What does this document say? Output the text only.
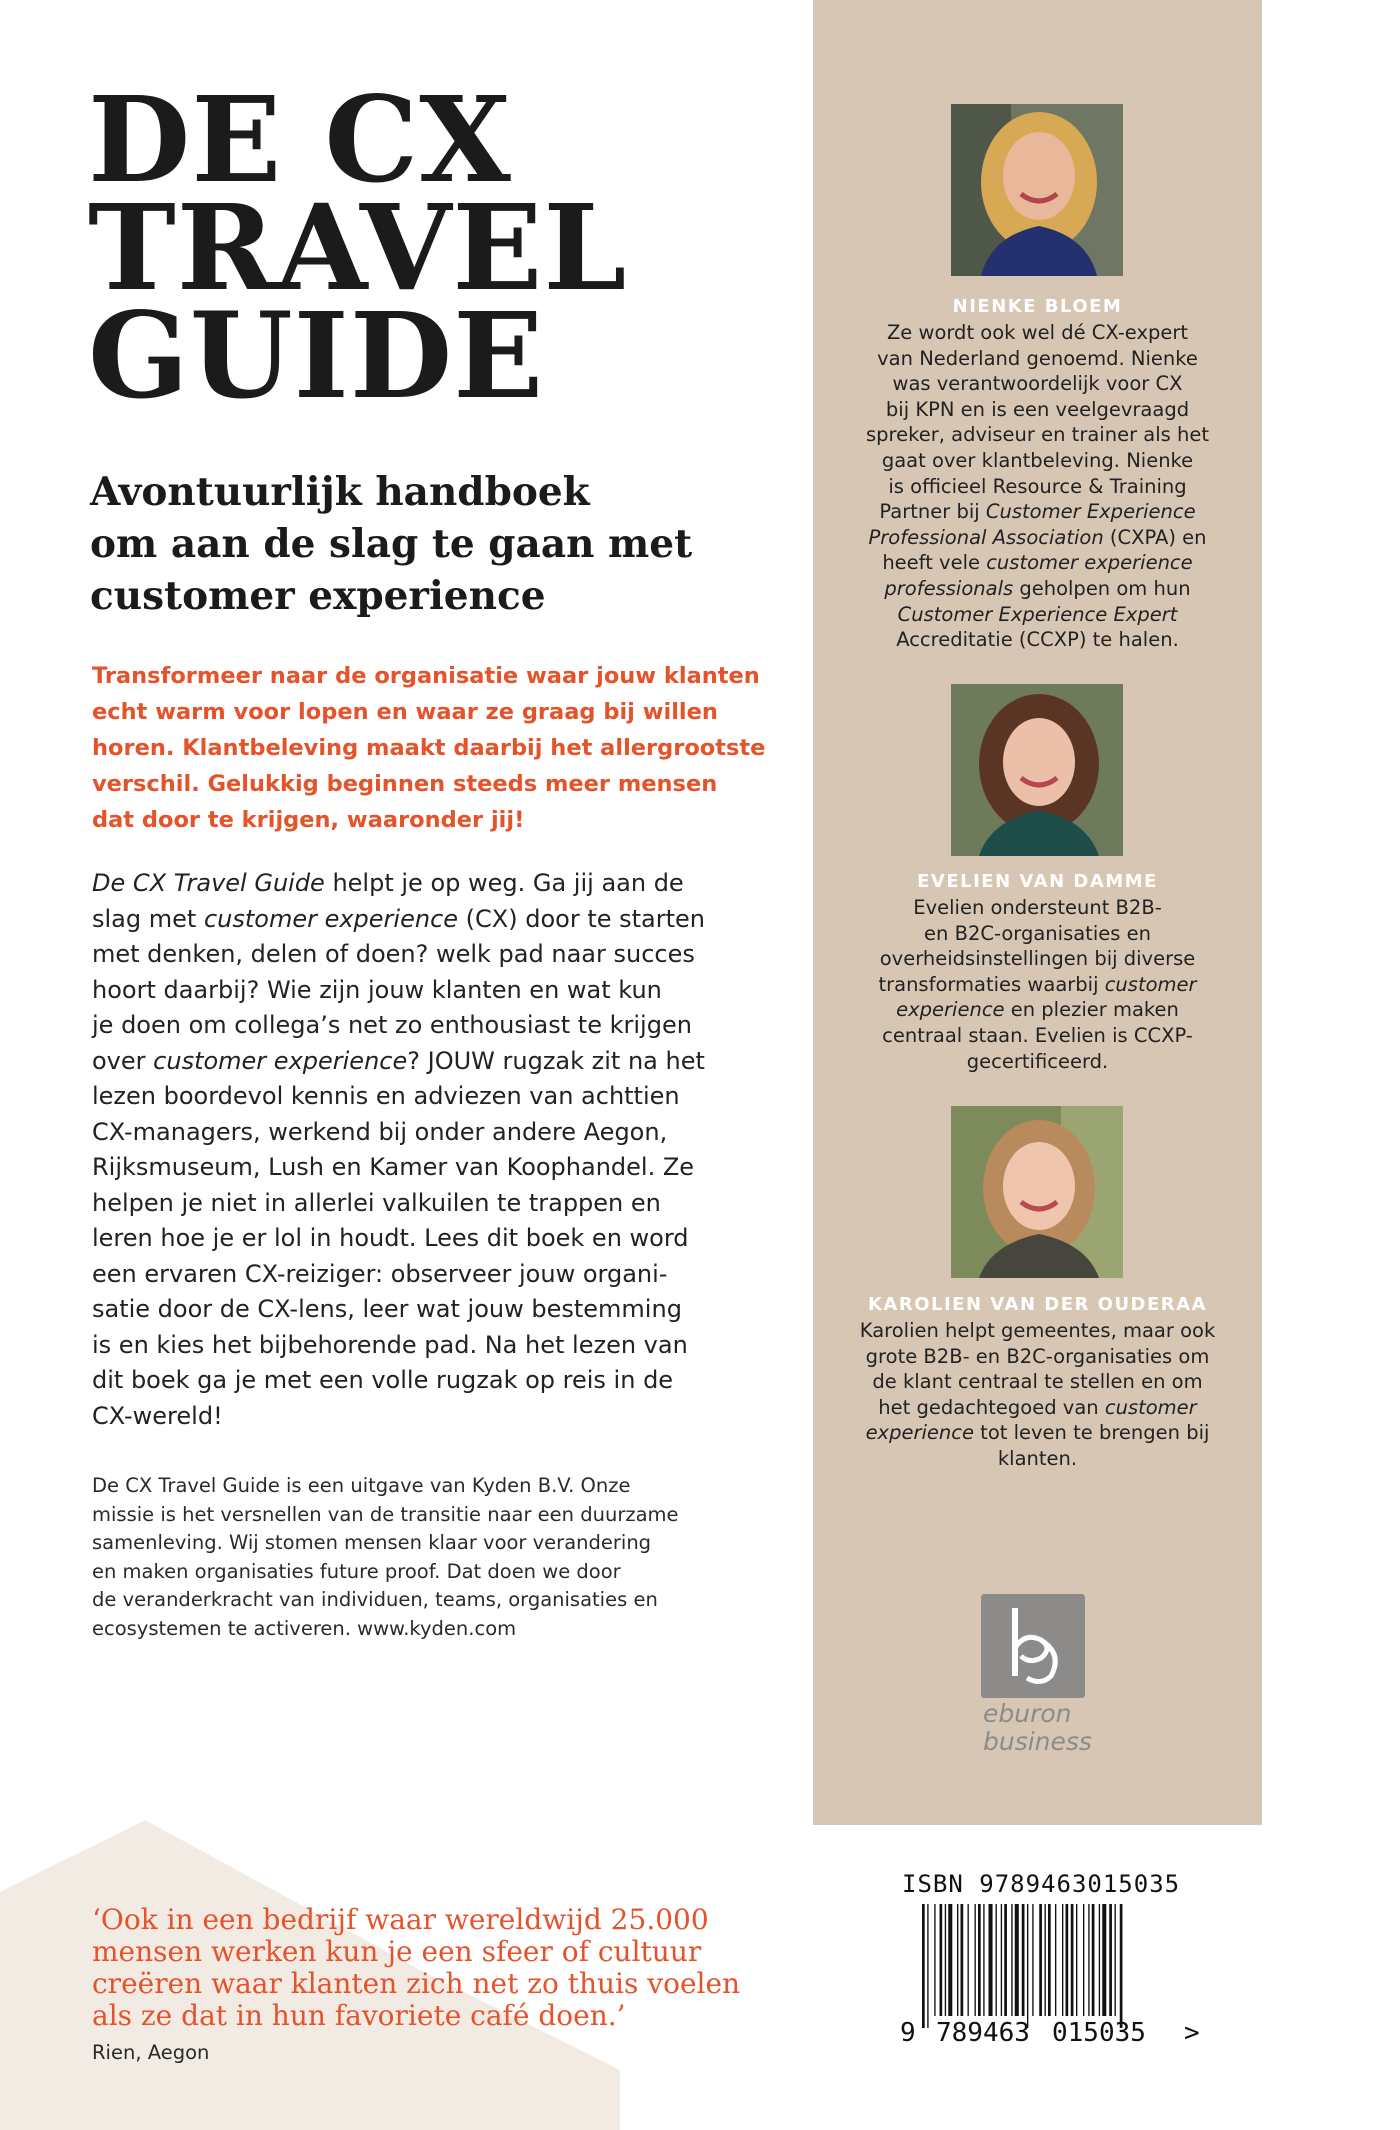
DE CX
TRAVEL
GUIDE
Avontuurlijk handboek
om aan de slag te gaan met
customer experience
Transformeer naar de organisatie waar jouw klanten
echt warm voor lopen en waar ze graag bij willen
horen. Klantbeleving maakt daarbij het allergrootste
verschil. Gelukkig beginnen steeds meer mensen
dat door te krijgen, waaronder jij!
De CX Travel Guide helpt je op weg. Ga jij aan de
slag met customer experience (CX) door te starten
met denken, delen of doen? welk pad naar succes
hoort daarbij? Wie zijn jouw klanten en wat kun
je doen om collega’s net zo enthousiast te krijgen
over customer experience? JOUW rugzak zit na het
lezen boordevol kennis en adviezen van achttien
CX-managers, werkend bij onder andere Aegon,
Rijksmuseum, Lush en Kamer van Koophandel. Ze
helpen je niet in allerlei valkuilen te trappen en
leren hoe je er lol in houdt. Lees dit boek en word
een ervaren CX-reiziger: observeer jouw organi-
satie door de CX-lens, leer wat jouw bestemming
is en kies het bijbehorende pad. Na het lezen van
dit boek ga je met een volle rugzak op reis in de
CX-wereld!
De CX Travel Guide is een uitgave van Kyden B.V. Onze
missie is het versnellen van de transitie naar een duurzame
samenleving. Wij stomen mensen klaar voor verandering
en maken organisaties future proof. Dat doen we door
de veranderkracht van individuen, teams, organisaties en
ecosystemen te activeren. www.kyden.com
‘Ook in een bedrijf waar wereldwijd 25.000
mensen werken kun je een sfeer of cultuur
creëren waar klanten zich net zo thuis voelen
als ze dat in hun favoriete café doen.’
Rien, Aegon
NIENKE BLOEM
Ze wordt ook wel dé CX-expert
van Nederland genoemd. Nienke
was verantwoordelijk voor CX
bij KPN en is een veelgevraagd
spreker, adviseur en trainer als het
gaat over klantbeleving. Nienke
is officieel Resource & Training
Partner bij Customer Experience
Professional Association (CXPA) en
heeft vele customer experience
professionals geholpen om hun
Customer Experience Expert
Accreditatie (CCXP) te halen.
EVELIEN VAN DAMME
Evelien ondersteunt B2B-
en B2C-organisaties en
overheidsinstellingen bij diverse
transformaties waarbij customer
experience en plezier maken
centraal staan. Evelien is CCXP-
gecertificeerd.
KAROLIEN VAN DER OUDERAA
Karolien helpt gemeentes, maar ook
grote B2B- en B2C-organisaties om
de klant centraal te stellen en om
het gedachtegoed van customer
experience tot leven te brengen bij
klanten.
eburon
business
ISBN 9789463015035
9 789463 015035 >
